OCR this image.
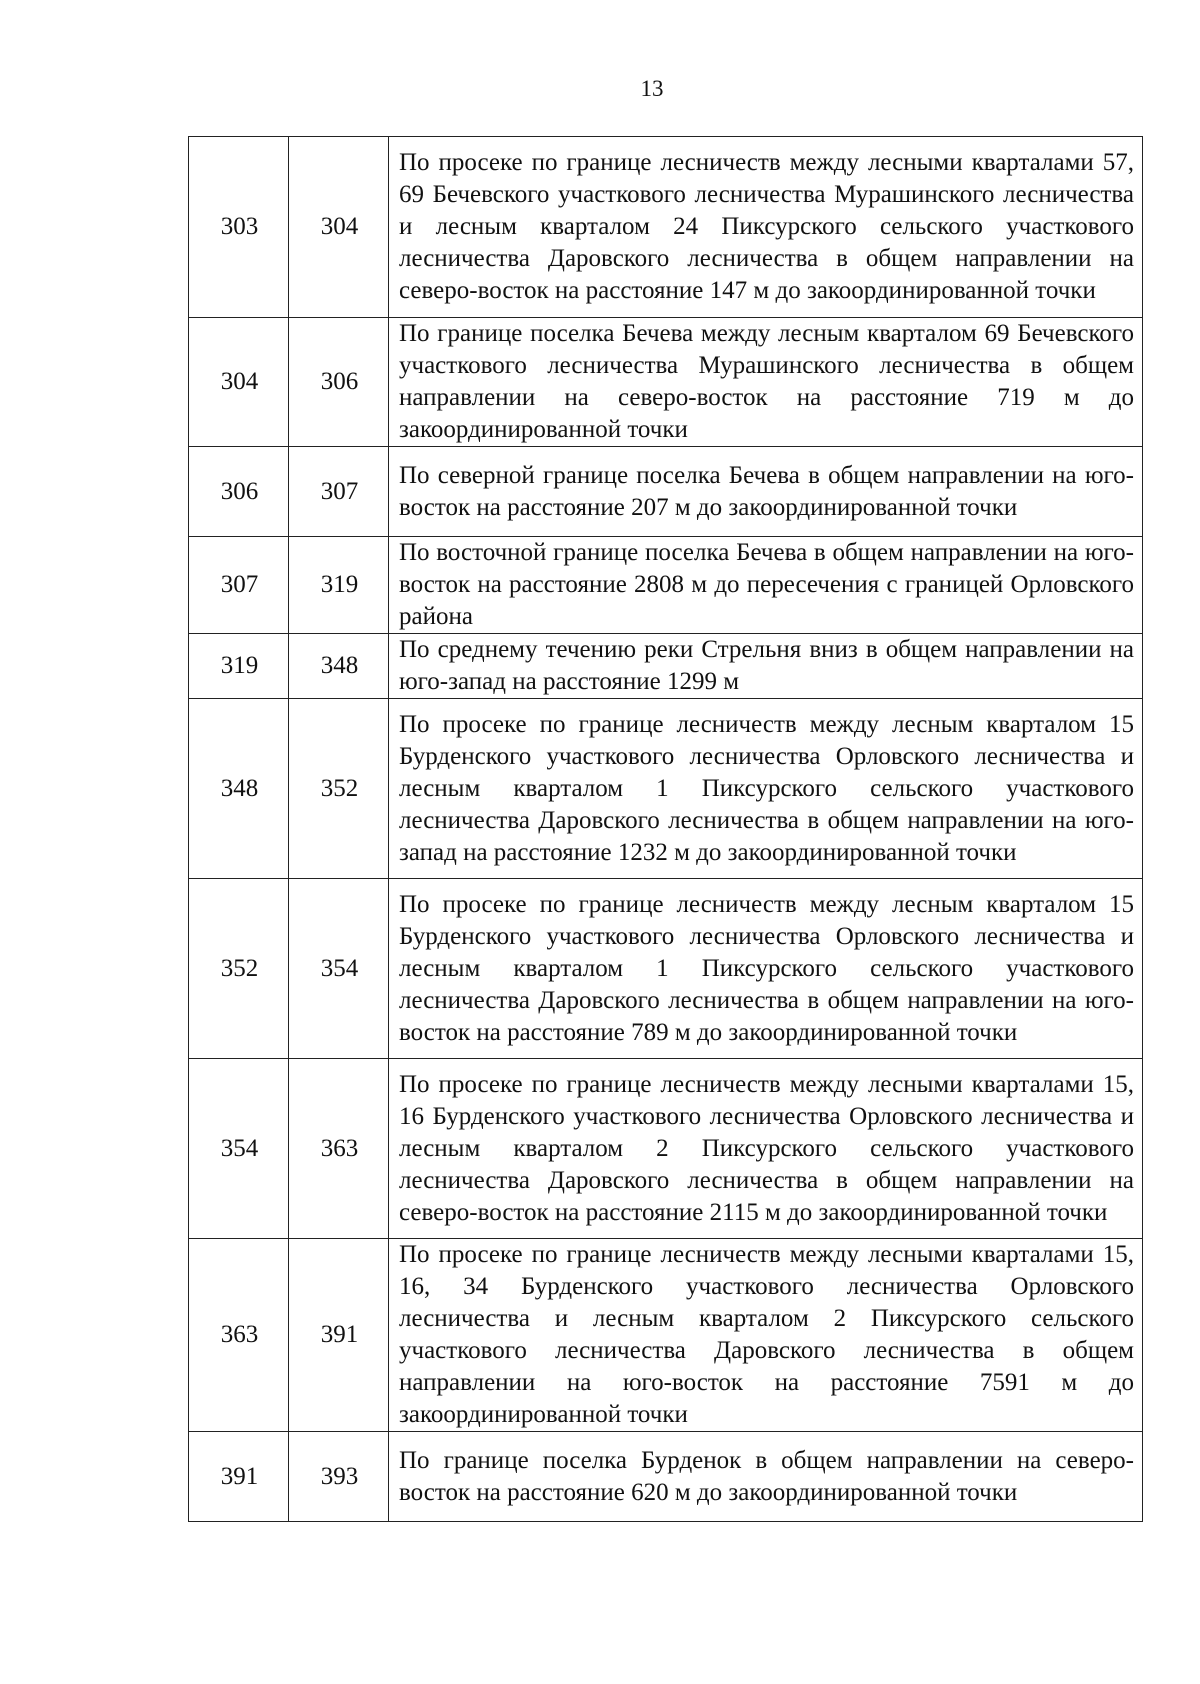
13
303	304	По просеке по границе лесничеств между лесными кварталами 57, 69 Бечевского участкового лесничества Мурашинского лесничества и лесным кварталом 24 Пиксурского сельского участкового лесничества Даровского лесничества в общем направлении на северо-восток на расстояние 147 м до закоординированной точки
304	306	По границе поселка Бечева между лесным кварталом 69 Бечевского участкового лесничества Мурашинского лесничества в общем направлении на северо-восток на расстояние 719 м до закоординированной точки
306	307	По северной границе поселка Бечева в общем направлении на юго-восток на расстояние 207 м до закоординированной точки
307	319	По восточной границе поселка Бечева в общем направлении на юго-восток на расстояние 2808 м до пересечения с границей Орловского района
319	348	По среднему течению реки Стрельня вниз в общем направлении на юго-запад на расстояние 1299 м
348	352	По просеке по границе лесничеств между лесным кварталом 15 Бурденского участкового лесничества Орловского лесничества и лесным кварталом 1 Пиксурского сельского участкового лесничества Даровского лесничества в общем направлении на юго-запад на расстояние 1232 м до закоординированной точки
352	354	По просеке по границе лесничеств между лесным кварталом 15 Бурденского участкового лесничества Орловского лесничества и лесным кварталом 1 Пиксурского сельского участкового лесничества Даровского лесничества в общем направлении на юго-восток на расстояние 789 м до закоординированной точки
354	363	По просеке по границе лесничеств между лесными кварталами 15, 16 Бурденского участкового лесничества Орловского лесничества и лесным кварталом 2 Пиксурского сельского участкового лесничества Даровского лесничества в общем направлении на северо-восток на расстояние 2115 м до закоординированной точки
363	391	По просеке по границе лесничеств между лесными кварталами 15, 16, 34 Бурденского участкового лесничества Орловского лесничества и лесным кварталом 2 Пиксурского сельского участкового лесничества Даровского лесничества в общем направлении на юго-восток на расстояние 7591 м до закоординированной точки
391	393	По границе поселка Бурденок в общем направлении на северо-восток на расстояние 620 м до закоординированной точки
